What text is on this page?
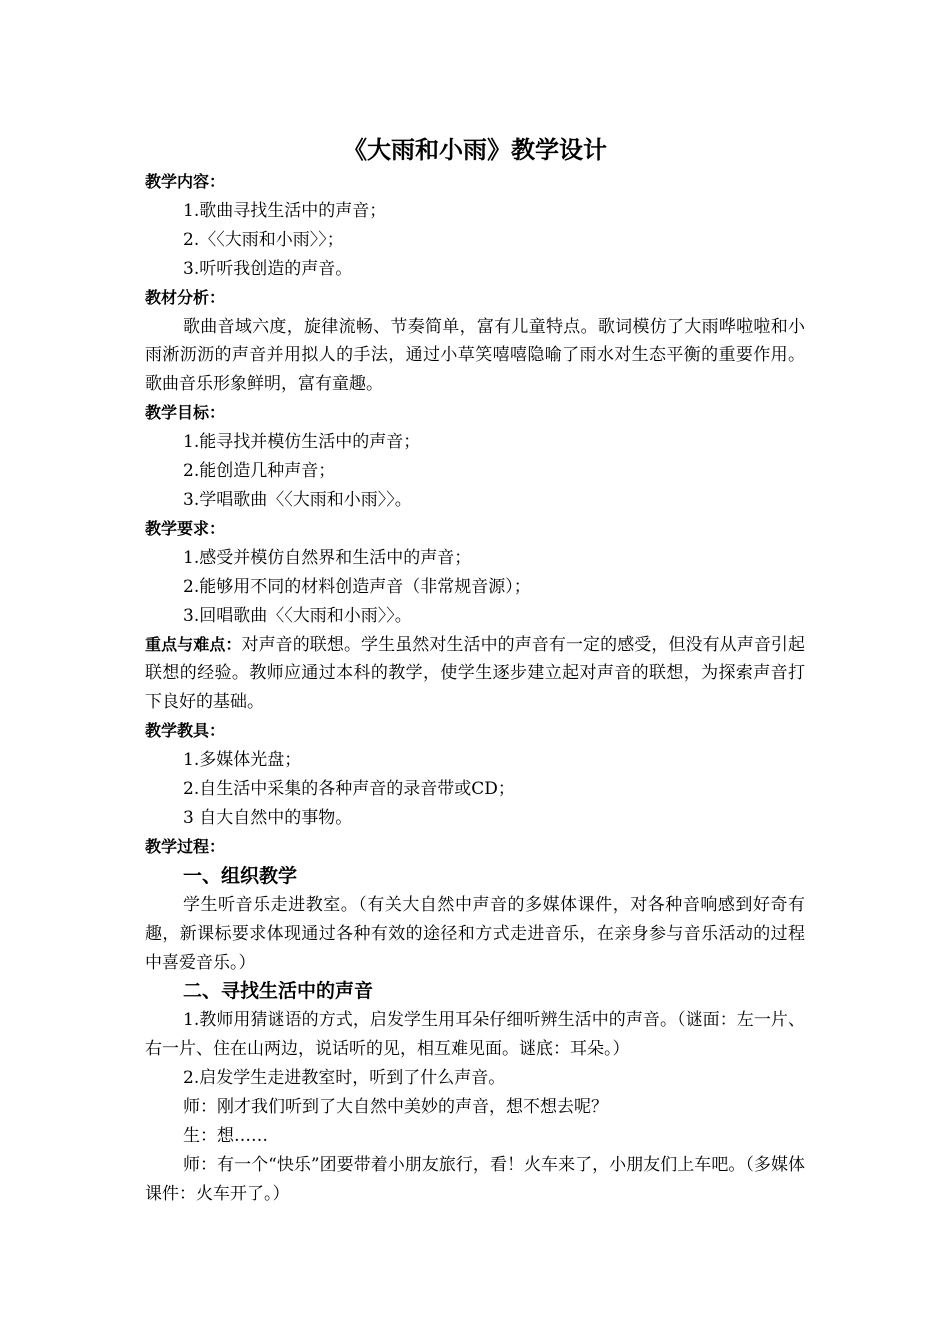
《大雨和小雨》教学设计

教学内容：

1.歌曲寻找生活中的声音；

2.〈〈大雨和小雨〉〉；

3.听听我创造的声音。

教材分析：

歌曲音域六度，旋律流畅、节奏简单，富有儿童特点。歌词模仿了大雨哗啦啦和小雨淅沥沥的声音并用拟人的手法，通过小草笑嘻嘻隐喻了雨水对生态平衡的重要作用。歌曲音乐形象鲜明，富有童趣。

教学目标：

1.能寻找并模仿生活中的声音；

2.能创造几种声音；

3.学唱歌曲〈〈大雨和小雨〉〉。

教学要求：

1.感受并模仿自然界和生活中的声音；

2.能够用不同的材料创造声音（非常规音源）；

3.回唱歌曲〈〈大雨和小雨〉〉。

重点与难点：对声音的联想。学生虽然对生活中的声音有一定的感受，但没有从声音引起联想的经验。教师应通过本科的教学，使学生逐步建立起对声音的联想，为探索声音打下良好的基础。

教学教具：

1.多媒体光盘；

2.自生活中采集的各种声音的录音带或CD；

3 自大自然中的事物。

教学过程：

一、组织教学

学生听音乐走进教室。（有关大自然中声音的多媒体课件，对各种音响感到好奇有趣，新课标要求体现通过各种有效的途径和方式走进音乐，在亲身参与音乐活动的过程中喜爱音乐。）

二、寻找生活中的声音

1.教师用猜谜语的方式，启发学生用耳朵仔细听辨生活中的声音。（谜面：左一片、右一片、住在山两边，说话听的见，相互难见面。谜底：耳朵。）

2.启发学生走进教室时，听到了什么声音。

师：刚才我们听到了大自然中美妙的声音，想不想去呢？

生：想……

师：有一个“快乐”团要带着小朋友旅行，看！火车来了，小朋友们上车吧。（多媒体课件：火车开了。）
